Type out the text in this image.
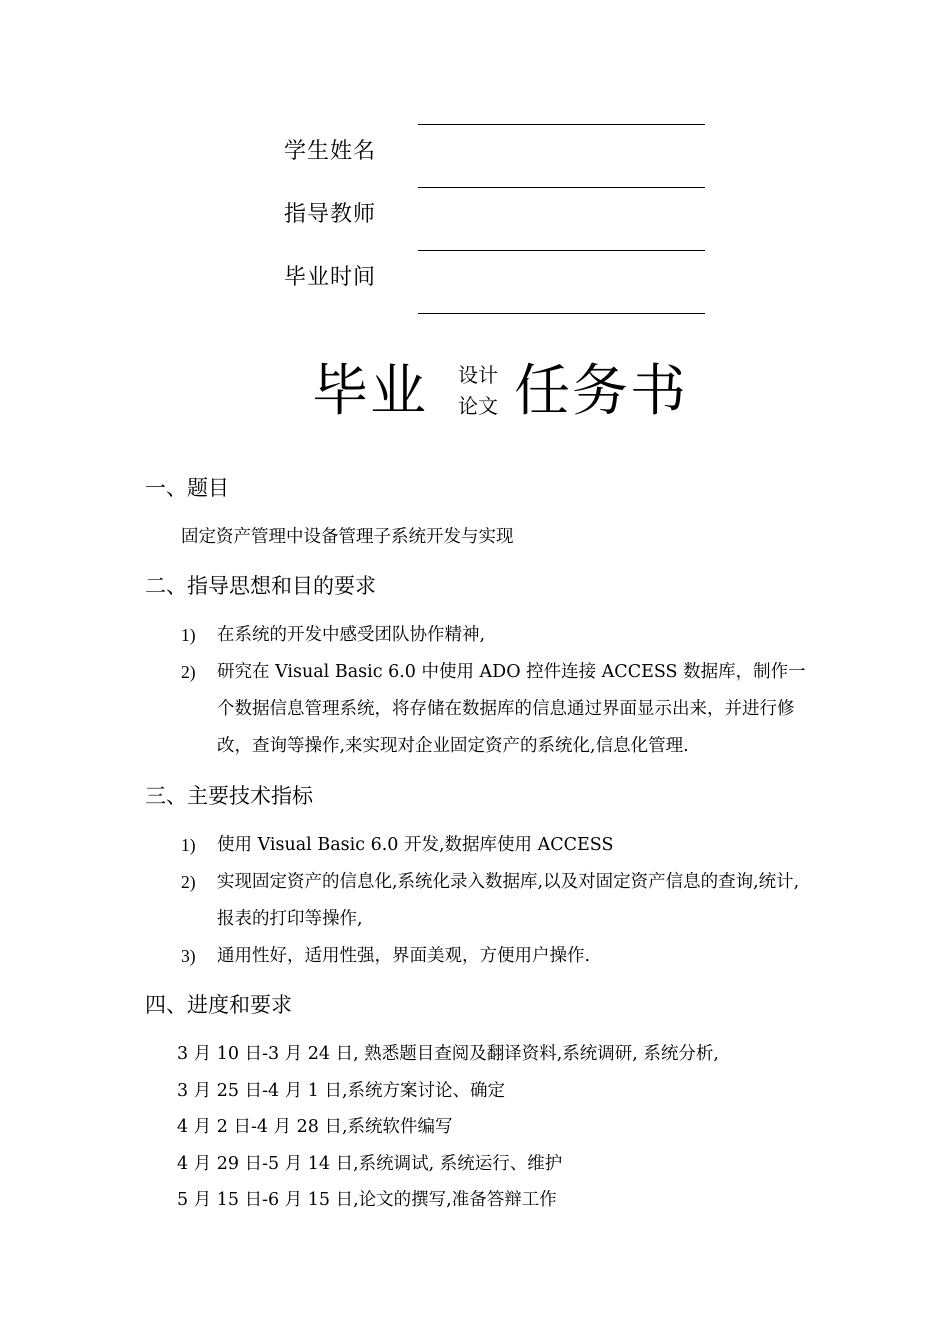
学生姓名
指导教师
毕业时间
毕业 设计
论文 任务书
一、题目
固定资产管理中设备管理子系统开发与实现
二、指导思想和目的要求
1) 在系统的开发中感受团队协作精神,
2) 研究在 Visual Basic 6.0 中使用 ADO 控件连接 ACCESS 数据库，制作一个数据信息管理系统，将存储在数据库的信息通过界面显示出来，并进行修改，查询等操作,来实现对企业固定资产的系统化,信息化管理.
三、主要技术指标
1) 使用 Visual Basic 6.0 开发,数据库使用 ACCESS
2) 实现固定资产的信息化,系统化录入数据库,以及对固定资产信息的查询,统计,报表的打印等操作,
3) 通用性好，适用性强，界面美观，方便用户操作.
四、进度和要求
3 月 10 日-3 月 24 日, 熟悉题目查阅及翻译资料,系统调研, 系统分析,
3 月 25 日-4 月 1 日,系统方案讨论、确定
4 月 2 日-4 月 28 日,系统软件编写
4 月 29 日-5 月 14 日,系统调试, 系统运行、维护
5 月 15 日-6 月 15 日,论文的撰写,准备答辩工作
